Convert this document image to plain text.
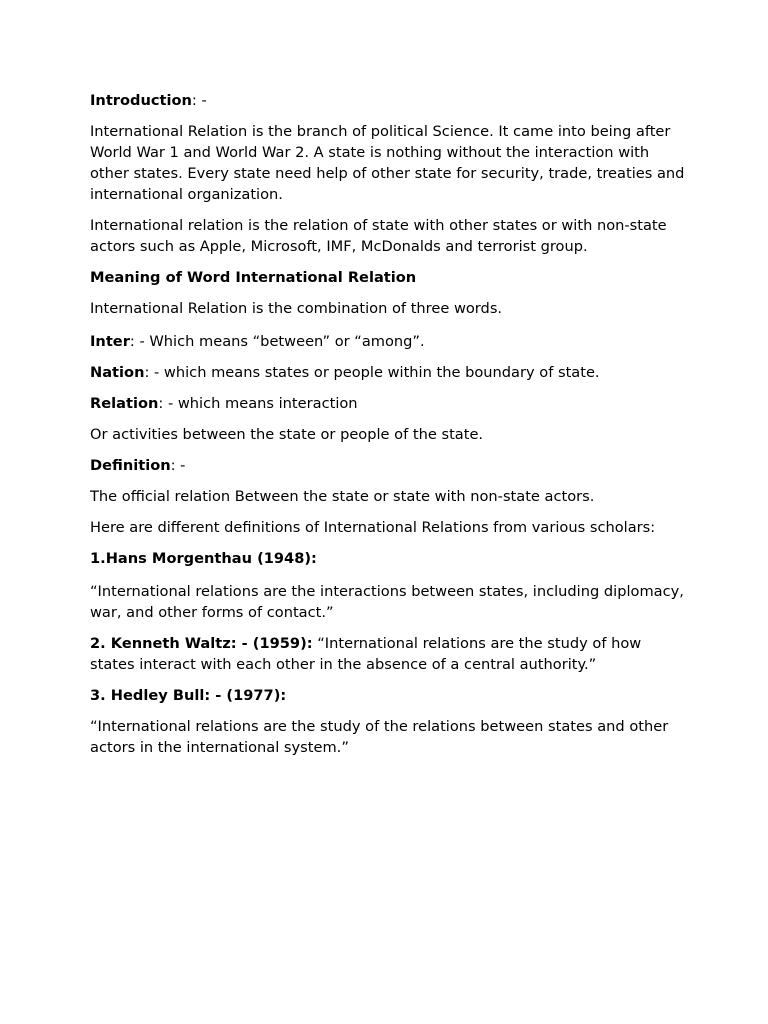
Introduction: -

International Relation is the branch of political Science. It came into being after World War 1 and World War 2. A state is nothing without the interaction with other states. Every state need help of other state for security, trade, treaties and international organization.

International relation is the relation of state with other states or with non-state actors such as Apple, Microsoft, IMF, McDonalds and terrorist group.

Meaning of Word International Relation

International Relation is the combination of three words.

Inter: - Which means “between” or “among”.

Nation: - which means states or people within the boundary of state.

Relation: - which means interaction

Or activities between the state or people of the state.

Definition: -

The official relation Between the state or state with non-state actors.

Here are different definitions of International Relations from various scholars:

1.Hans Morgenthau (1948):

“International relations are the interactions between states, including diplomacy, war, and other forms of contact.”

2. Kenneth Waltz: - (1959): “International relations are the study of how states interact with each other in the absence of a central authority.”

3. Hedley Bull: - (1977):

“International relations are the study of the relations between states and other actors in the international system.”
